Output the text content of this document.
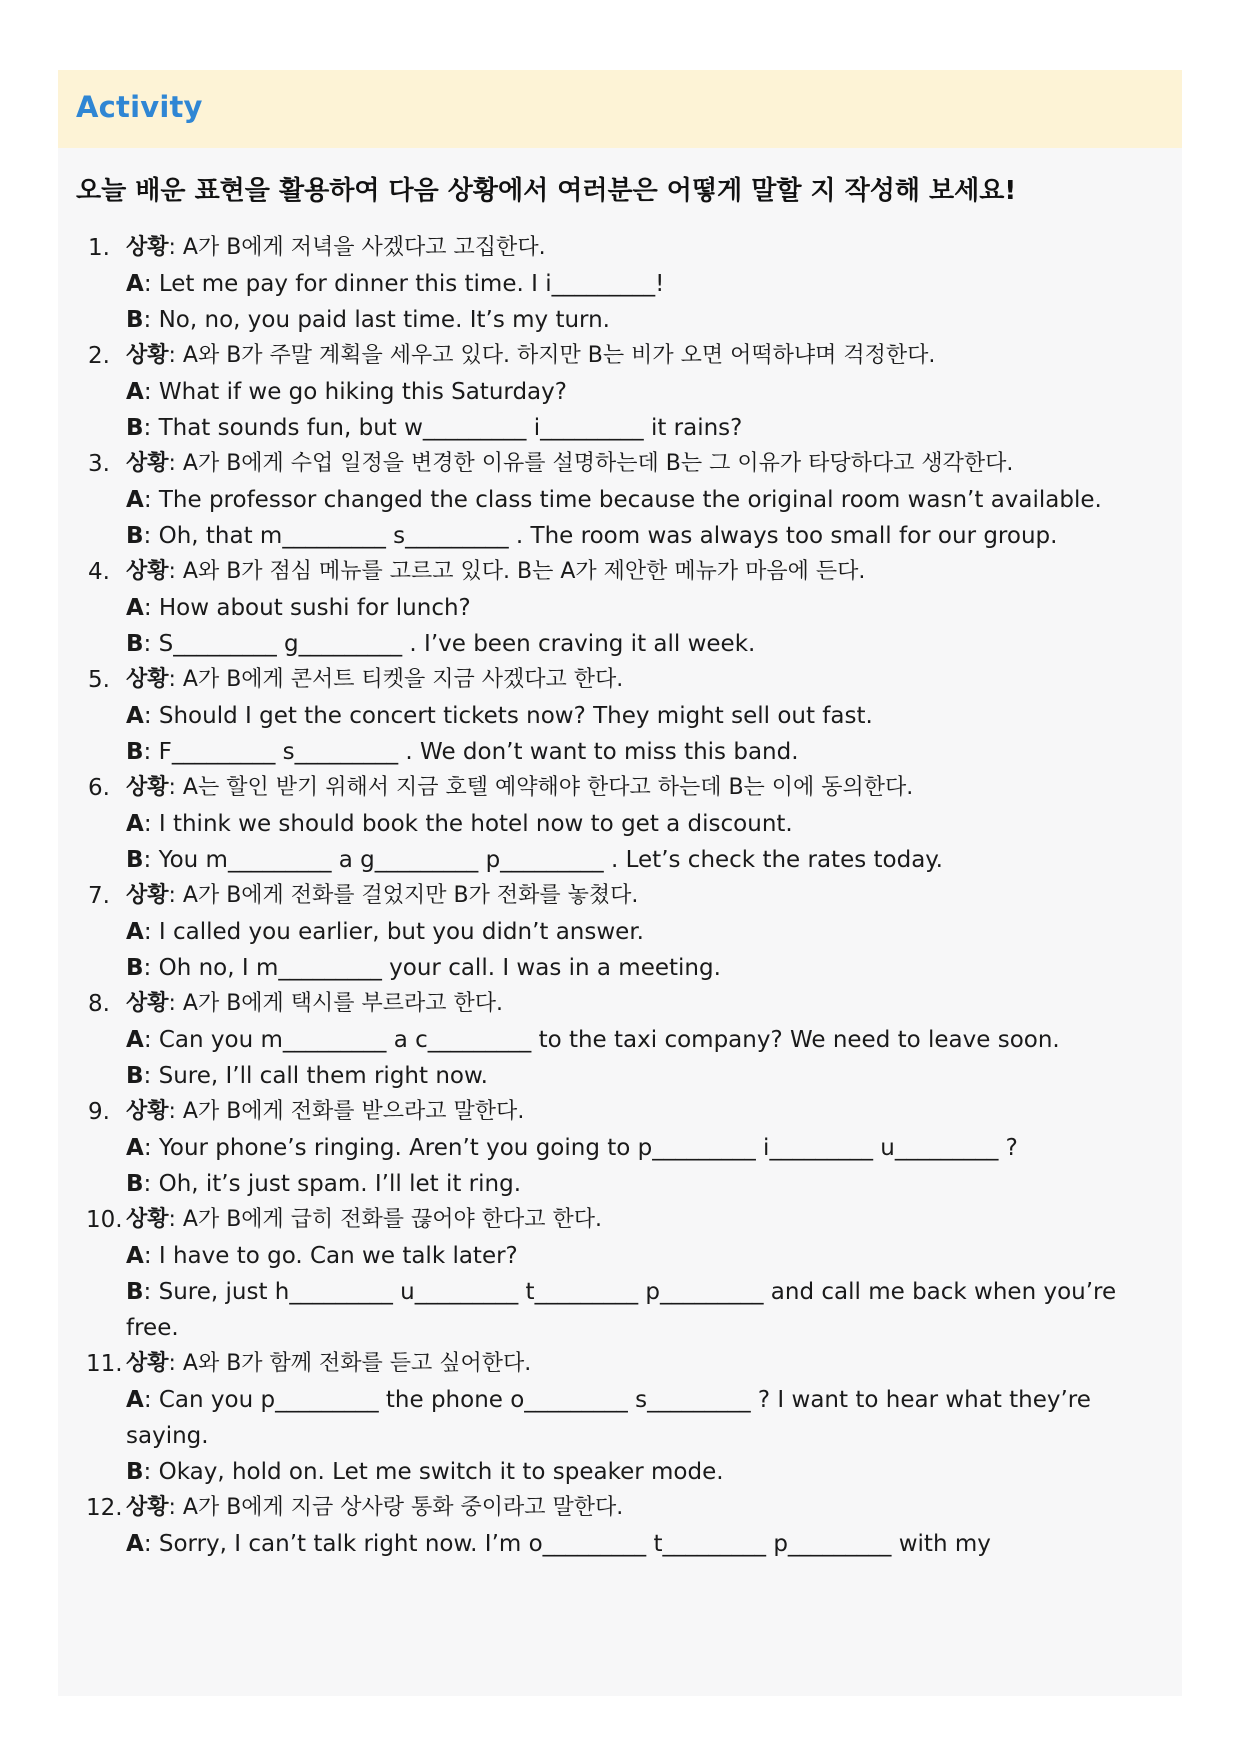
Activity
오늘 배운 표현을 활용하여 다음 상황에서 여러분은 어떻게 말할 지 작성해 보세요!
1. 상황: A가 B에게 저녁을 사겠다고 고집한다.
A: Let me pay for dinner this time. I i_________!
B: No, no, you paid last time. It’s my turn.
2. 상황: A와 B가 주말 계획을 세우고 있다. 하지만 B는 비가 오면 어떡하냐며 걱정한다.
A: What if we go hiking this Saturday?
B: That sounds fun, but w_________ i_________ it rains?
3. 상황: A가 B에게 수업 일정을 변경한 이유를 설명하는데 B는 그 이유가 타당하다고 생각한다.
A: The professor changed the class time because the original room wasn’t available.
B: Oh, that m_________ s_________ . The room was always too small for our group.
4. 상황: A와 B가 점심 메뉴를 고르고 있다. B는 A가 제안한 메뉴가 마음에 든다.
A: How about sushi for lunch?
B: S_________ g_________ . I’ve been craving it all week.
5. 상황: A가 B에게 콘서트 티켓을 지금 사겠다고 한다.
A: Should I get the concert tickets now? They might sell out fast.
B: F_________ s_________ . We don’t want to miss this band.
6. 상황: A는 할인 받기 위해서 지금 호텔 예약해야 한다고 하는데 B는 이에 동의한다.
A: I think we should book the hotel now to get a discount.
B: You m_________ a g_________ p_________ . Let’s check the rates today.
7. 상황: A가 B에게 전화를 걸었지만 B가 전화를 놓쳤다.
A: I called you earlier, but you didn’t answer.
B: Oh no, I m_________ your call. I was in a meeting.
8. 상황: A가 B에게 택시를 부르라고 한다.
A: Can you m_________ a c_________ to the taxi company? We need to leave soon.
B: Sure, I’ll call them right now.
9. 상황: A가 B에게 전화를 받으라고 말한다.
A: Your phone’s ringing. Aren’t you going to p_________ i_________ u_________ ?
B: Oh, it’s just spam. I’ll let it ring.
10. 상황: A가 B에게 급히 전화를 끊어야 한다고 한다.
A: I have to go. Can we talk later?
B: Sure, just h_________ u_________ t_________ p_________ and call me back when you’re free.
11. 상황: A와 B가 함께 전화를 듣고 싶어한다.
A: Can you p_________ the phone o_________ s_________ ? I want to hear what they’re saying.
B: Okay, hold on. Let me switch it to speaker mode.
12. 상황: A가 B에게 지금 상사랑 통화 중이라고 말한다.
A: Sorry, I can’t talk right now. I’m o_________ t_________ p_________ with my
